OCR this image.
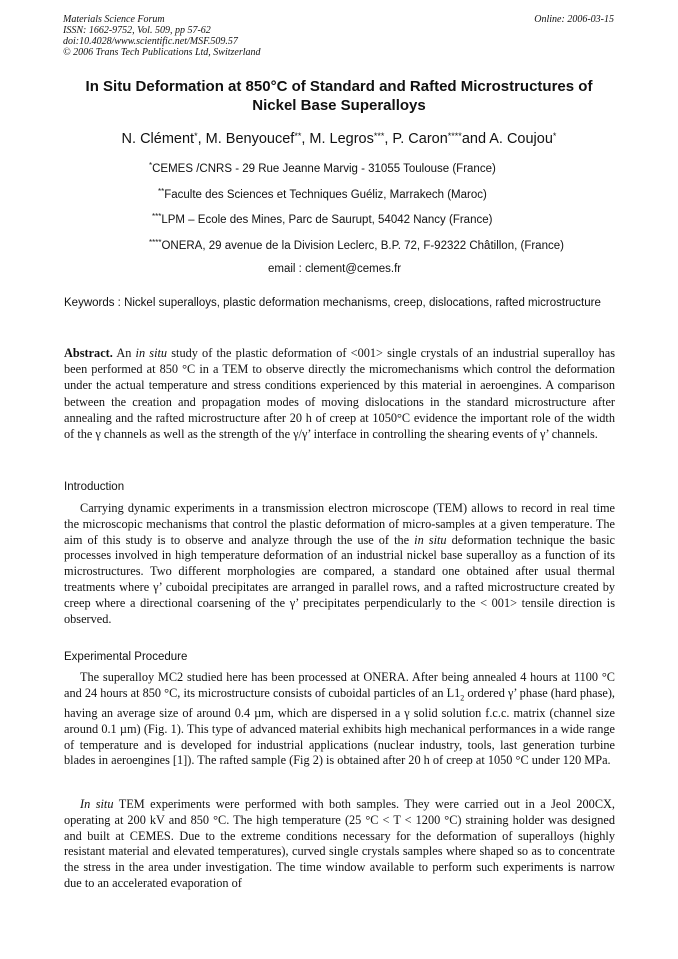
Materials Science Forum
ISSN: 1662-9752, Vol. 509, pp 57-62
doi:10.4028/www.scientific.net/MSF.509.57
© 2006 Trans Tech Publications Ltd, Switzerland
Online: 2006-03-15
In Situ Deformation at 850°C of Standard and Rafted Microstructures of
Nickel Base Superalloys
N. Clément*, M. Benyoucef**, M. Legros***, P. Caron****and A. Coujou*
*CEMES /CNRS - 29 Rue Jeanne Marvig - 31055 Toulouse (France)
**Faculte des Sciences et Techniques Guéliz, Marrakech (Maroc)
***LPM – Ecole des Mines, Parc de Saurupt, 54042 Nancy (France)
****ONERA, 29 avenue de la Division Leclerc, B.P. 72, F-92322 Châtillon, (France)
email : clement@cemes.fr
Keywords : Nickel superalloys, plastic deformation mechanisms, creep, dislocations, rafted microstructure
Abstract. An in situ study of the plastic deformation of <001> single crystals of an industrial superalloy has been performed at 850 °C in a TEM to observe directly the micromechanisms which control the deformation under the actual temperature and stress conditions experienced by this material in aeroengines. A comparison between the creation and propagation modes of moving dislocations in the standard microstructure after annealing and the rafted microstructure after 20 h of creep at 1050°C evidence the important role of the width of the γ channels as well as the strength of the γ/γ’ interface in controlling the shearing events of γ’ channels.
Introduction
Carrying dynamic experiments in a transmission electron microscope (TEM) allows to record in real time the microscopic mechanisms that control the plastic deformation of micro-samples at a given temperature. The aim of this study is to observe and analyze through the use of the in situ deformation technique the basic processes involved in high temperature deformation of an industrial nickel base superalloy as a function of its microstructures. Two different morphologies are compared, a standard one obtained after usual thermal treatments where γ’ cuboidal precipitates are arranged in parallel rows, and a rafted microstructure created by creep where a directional coarsening of the γ’ precipitates perpendicularly to the < 001> tensile direction is observed.
Experimental Procedure
The superalloy MC2 studied here has been processed at ONERA. After being annealed 4 hours at 1100 °C and 24 hours at 850 °C, its microstructure consists of cuboidal particles of an $L1_2$ ordered γ’ phase (hard phase), having an average size of around 0.4 µm, which are dispersed in a γ solid solution f.c.c. matrix (channel size around 0.1 µm) (Fig. 1). This type of advanced material exhibits high mechanical performances in a wide range of temperature and is developed for industrial applications (nuclear industry, tools, last generation turbine blades in aeroengines [1]). The rafted sample (Fig 2) is obtained after 20 h of creep at 1050 °C under 120 MPa.
In situ TEM experiments were performed with both samples. They were carried out in a Jeol 200CX, operating at 200 kV and 850 °C. The high temperature (25 °C < T < 1200 °C) straining holder was designed and built at CEMES. Due to the extreme conditions necessary for the deformation of superalloys (highly resistant material and elevated temperatures), curved single crystals samples where shaped so as to concentrate the stress in the area under investigation. The time window available to perform such experiments is narrow due to an accelerated evaporation of
